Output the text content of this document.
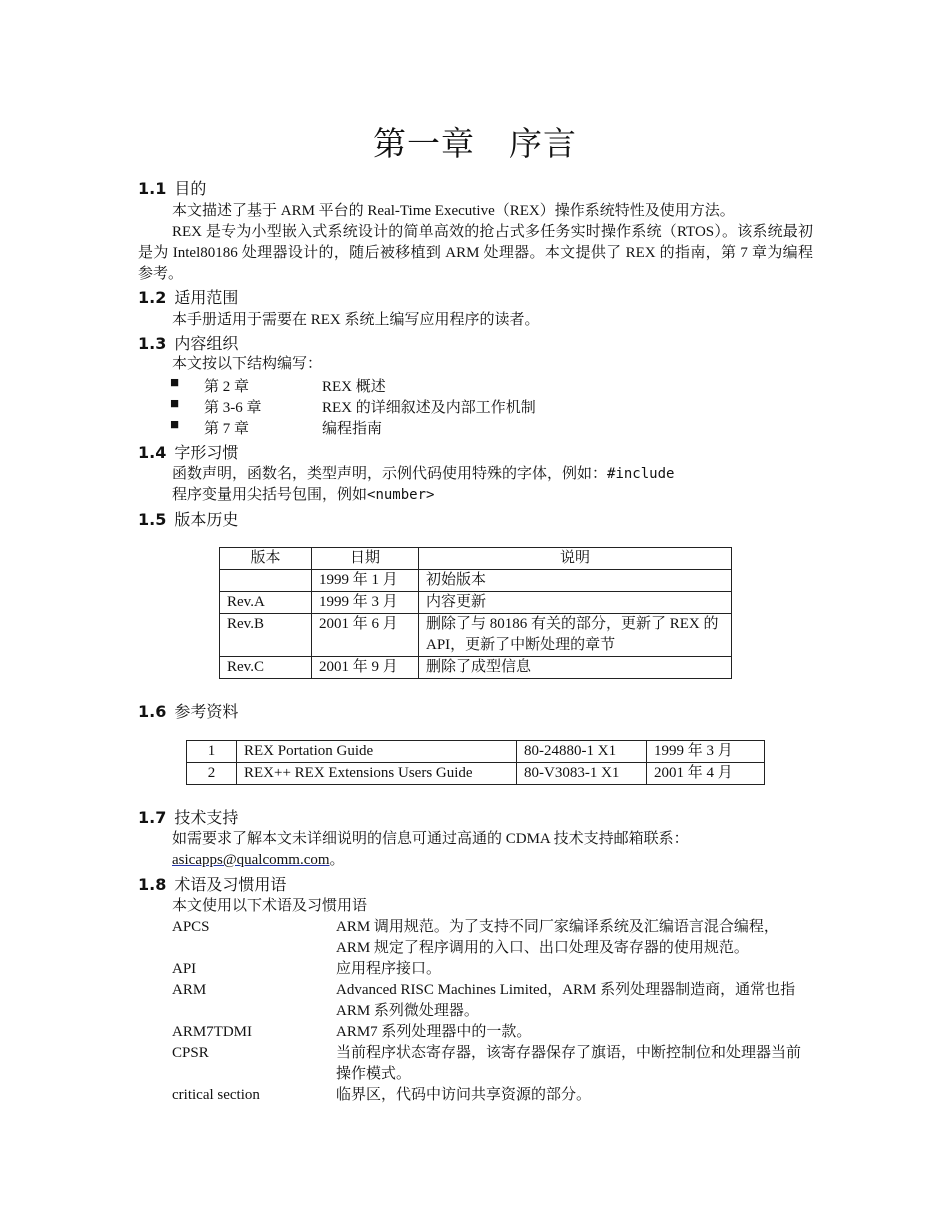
第一章　序言
1.1 目的
本文描述了基于 ARM 平台的 Real-Time Executive（REX）操作系统特性及使用方法。
REX 是专为小型嵌入式系统设计的简单高效的抢占式多任务实时操作系统（RTOS）。该系统最初是为 Intel80186 处理器设计的，随后被移植到 ARM 处理器。本文提供了 REX 的指南，第 7 章为编程参考。
1.2 适用范围
本手册适用于需要在 REX 系统上编写应用程序的读者。
1.3 内容组织
本文按以下结构编写：
■ 第 2 章	REX 概述
■ 第 3-6 章	REX 的详细叙述及内部工作机制
■ 第 7 章	编程指南
1.4 字形习惯
函数声明，函数名，类型声明，示例代码使用特殊的字体，例如：#include
程序变量用尖括号包围，例如<number>
1.5 版本历史
版本	日期	说明
	1999 年 1 月	初始版本
Rev.A	1999 年 3 月	内容更新
Rev.B	2001 年 6 月	删除了与 80186 有关的部分，更新了 REX 的 API，更新了中断处理的章节
Rev.C	2001 年 9 月	删除了成型信息
1.6 参考资料
1	REX Portation Guide	80-24880-1 X1	1999 年 3 月
2	REX++ REX Extensions Users Guide	80-V3083-1 X1	2001 年 4 月
1.7 技术支持
如需要求了解本文未详细说明的信息可通过高通的 CDMA 技术支持邮箱联系：
asicapps@qualcomm.com。
1.8 术语及习惯用语
本文使用以下术语及习惯用语
APCS	ARM 调用规范。为了支持不同厂家编译系统及汇编语言混合编程，ARM 规定了程序调用的入口、出口处理及寄存器的使用规范。
API	应用程序接口。
ARM	Advanced RISC Machines Limited，ARM 系列处理器制造商，通常也指 ARM 系列微处理器。
ARM7TDMI	ARM7 系列处理器中的一款。
CPSR	当前程序状态寄存器，该寄存器保存了旗语，中断控制位和处理器当前操作模式。
critical section	临界区，代码中访问共享资源的部分。
